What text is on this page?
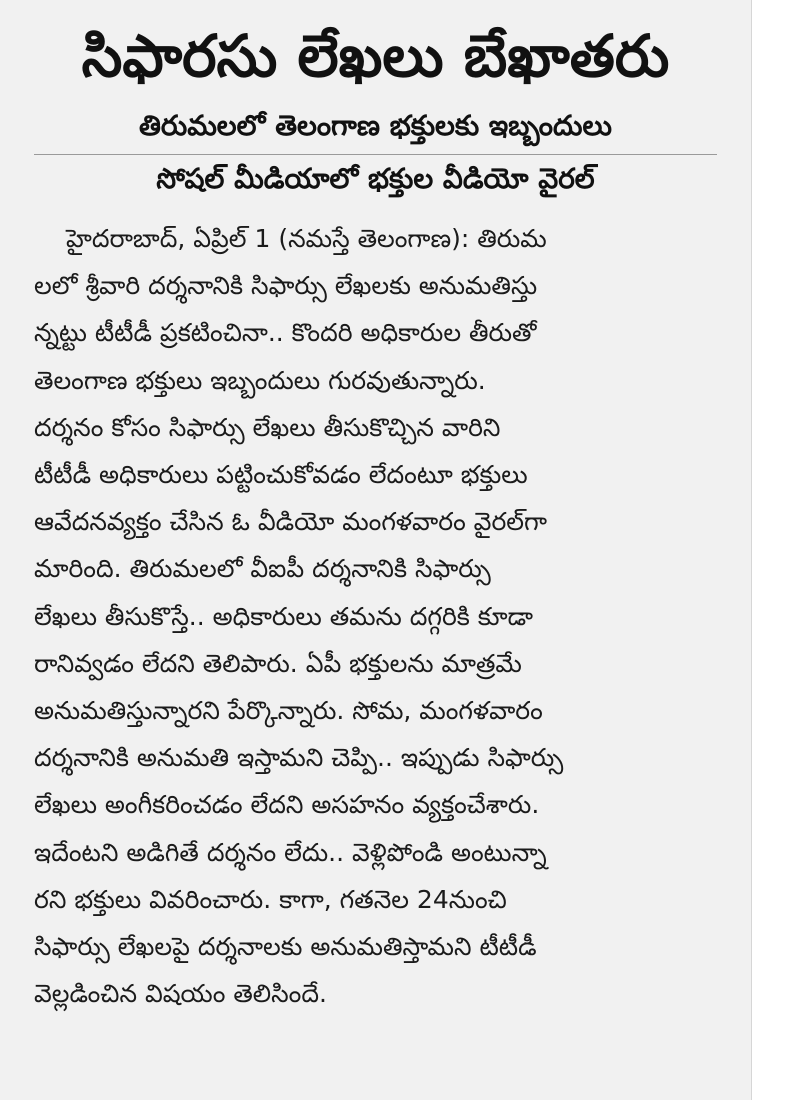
సిఫారసు లేఖలు బేఖాతరు
తిరుమలలో తెలంగాణ భక్తులకు ఇబ్బందులు
సోషల్ మీడియాలో భక్తుల వీడియో వైరల్
హైదరాబాద్, ఏప్రిల్ 1 (నమస్తే తెలంగాణ): తిరుమ
లలో శ్రీవారి దర్శనానికి సిఫార్సు లేఖలకు అనుమతిస్తు
న్నట్టు టీటీడీ ప్రకటించినా.. కొందరి అధికారుల తీరుతో
తెలంగాణ భక్తులు ఇబ్బందులు గురవుతున్నారు.
దర్శనం కోసం సిఫార్సు లేఖలు తీసుకొచ్చిన వారిని
టీటీడీ అధికారులు పట్టించుకోవడం లేదంటూ భక్తులు
ఆవేదనవ్యక్తం చేసిన ఓ వీడియో మంగళవారం వైరల్‌గా
మారింది. తిరుమలలో వీఐపీ దర్శనానికి సిఫార్సు
లేఖలు తీసుకొస్తే.. అధికారులు తమను దగ్గరికి కూడా
రానివ్వడం లేదని తెలిపారు. ఏపీ భక్తులను మాత్రమే
అనుమతిస్తున్నారని పేర్కొన్నారు. సోమ, మంగళవారం
దర్శనానికి అనుమతి ఇస్తామని చెప్పి.. ఇప్పుడు సిఫార్సు
లేఖలు అంగీకరించడం లేదని అసహనం వ్యక్తంచేశారు.
ఇదేంటని అడిగితే దర్శనం లేదు.. వెళ్లిపోండి అంటున్నా
రని భక్తులు వివరించారు. కాగా, గతనెల 24నుంచి
సిఫార్సు లేఖలపై దర్శనాలకు అనుమతిస్తామని టీటీడీ
వెల్లడించిన విషయం తెలిసిందే.
